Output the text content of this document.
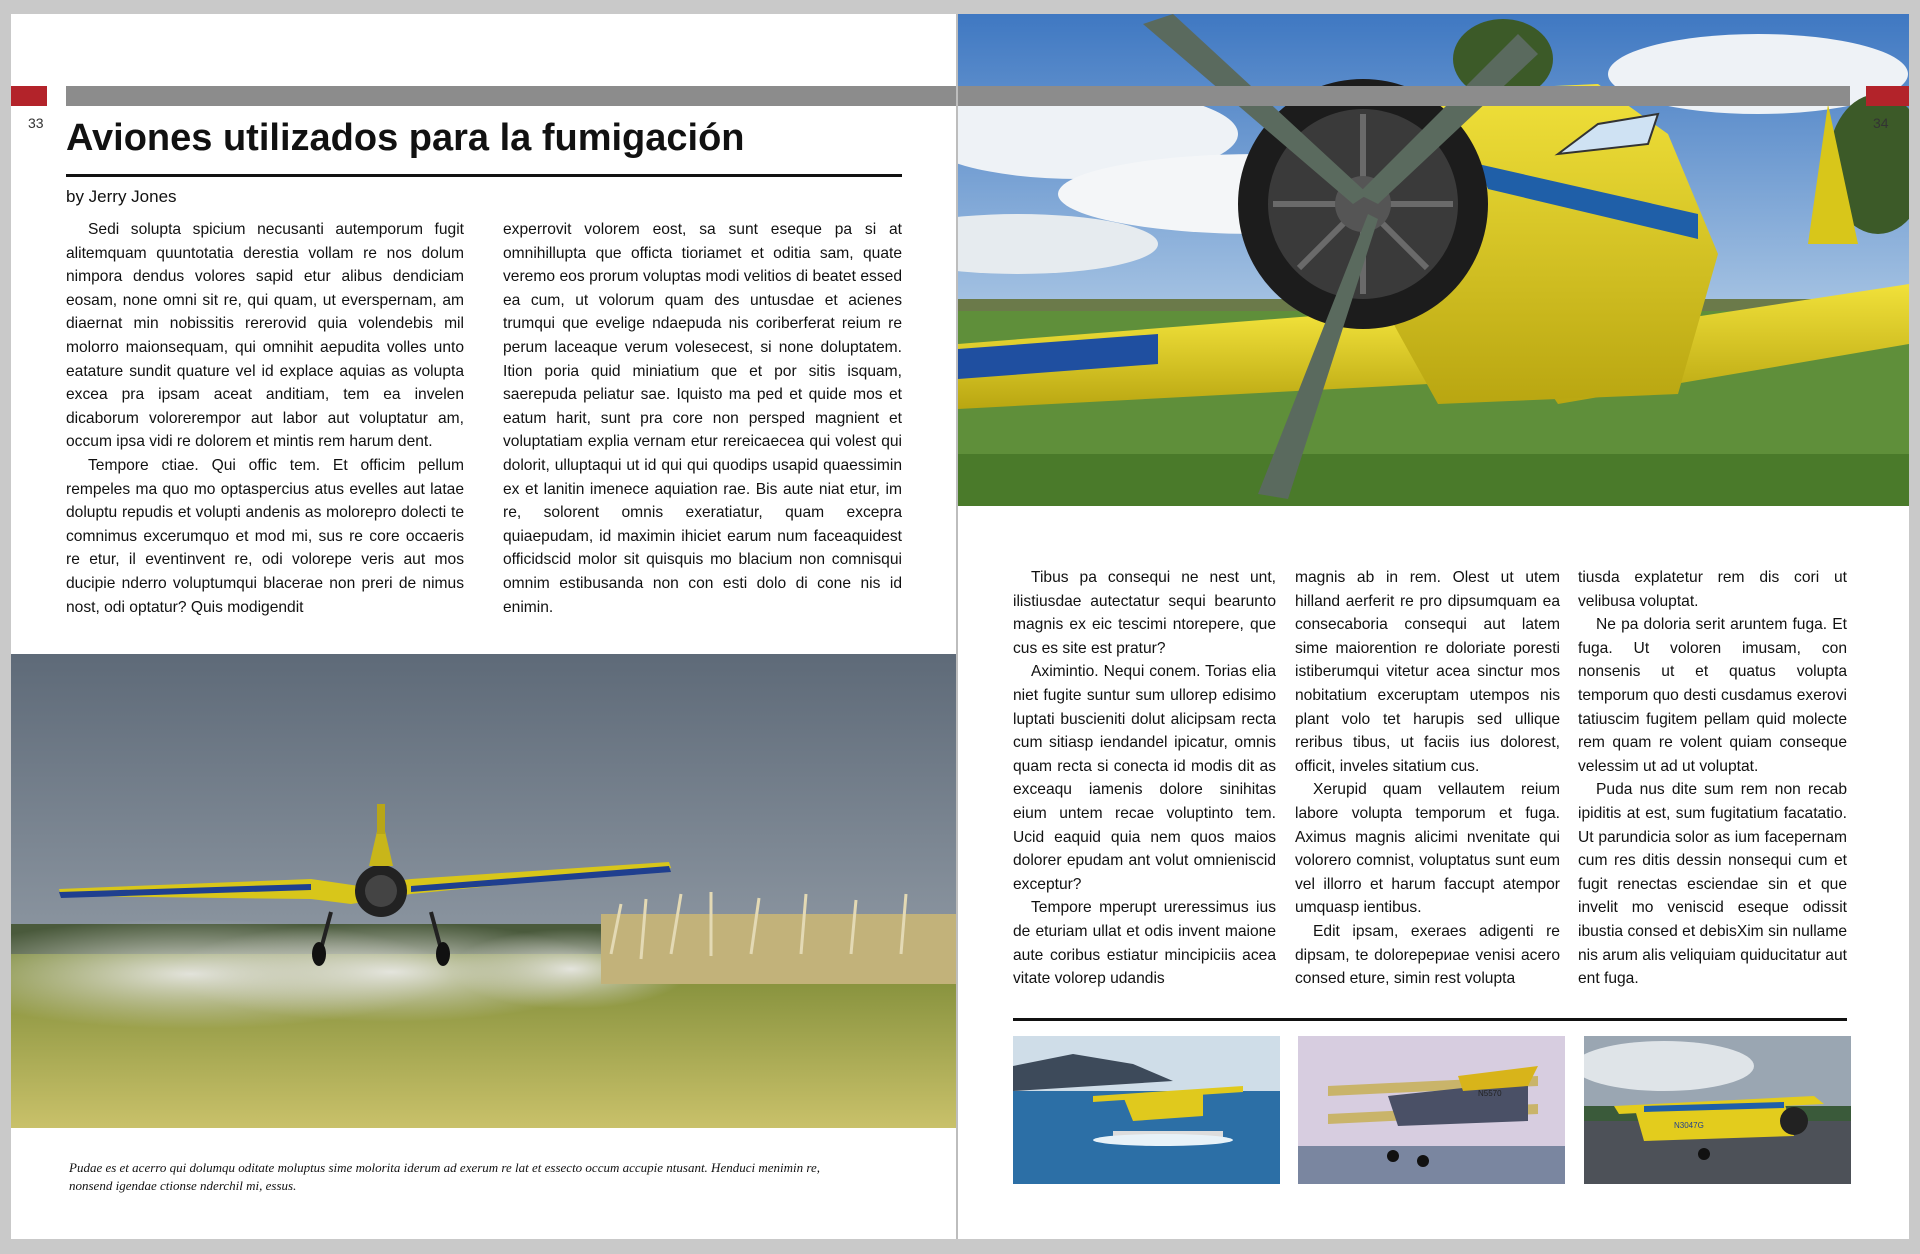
33 Aviones utilizados para la fumigación
by Jerry Jones

Sedi solupta spicium necusanti autemporum fugit alitemquam quuntotatia derestia vollam re nos dolum nimpora dendus volores sapid etur alibus dendiciam eosam, none omni sit re, qui quam, ut everspernam, am diaernat min nobissitis rererovid quia volendebis mil molorro maionsequam, qui omnihit aepudita volles unto eatature sundit quature vel id explace aquias as volupta excea pra ipsam aceat anditiam, tem ea invelen dicaborum volorerempor aut labor aut voluptatur am, occum ipsa vidi re dolorem et mintis rem harum dent.

Tempore ctiae. Qui offic tem. Et officim pellum rempeles ma quo mo optaspercius atus evelles aut latae doluptu repudis et volupti andenis as molorepro dolecti te comnimus excerumquo et mod mi, sus re core occaeris re etur, il eventinvent re, odi volorepe veris aut mos ducipie nderro voluptumqui blacerae non preri de nimus nost, odi optatur? Quis modigendit

experrovit volorem eost, sa sunt eseque pa si at omnihillupta que officta tioriamet et oditia sam, quate veremo eos prorum voluptas modi velitios di beatet essed ea cum, ut volorum quam des untusdae et acienes trumqui que evelige ndaepuda nis coriberferat reium re perum laceaque verum volesecest, si none doluptatem. Ition poria quid miniatium que et por sitis isquam, saerepuda peliatur sae. Iquisto ma ped et quide mos et eatum harit, sunt pra core non persped magnient et voluptatiam explia vernam etur rereicaecea qui volest qui dolorit, ulluptaqui ut id qui qui quodips usapid quaessimin ex et lanitin imenece aquiation rae. Bis aute niat etur, im re, solorent omnis exeratiatur, quam excepra quiaepudam, id maximin ihiciet earum num faceaquidest officidscid molor sit quisquis mo blacium non comnisqui omnim estibusanda non con esti dolo di cone nis id enimin.

Pudae es et acerro qui dolumqu oditate moluptus sime molorita iderum ad exerum re lat et essecto occum accupie ntusant. Henduci menimin re, nonsend igendae ctionse nderchil mi, essus.
34

Tibus pa consequi ne nest unt, ilistiusdae autectatur sequi bearunto magnis ex eic tescimi ntorepere, que cus es site est pratur?

Aximintio. Nequi conem. Torias elia niet fugite suntur sum ullorep edisimo luptati buscieniti dolut alicipsam recta cum sitiasp iendandel ipicatur, omnis quam recta si conecta id modis dit as exceaqu iamenis dolore sinihitas eium untem recae voluptinto tem. Ucid eaquid quia nem quos maios dolorer epudam ant volut omnieniscid exceptur?

Tempore mperupt ureressimus ius de eturiam ullat et odis invent maione aute coribus estiatur mincipiciis acea vitate volorep udandis

magnis ab in rem. Olest ut utem hilland aerferit re pro dipsumquam ea consecaboria consequi aut latem sime maiorention re doloriate poresti istiberumqui vitetur acea sinctur mos nobitatium exceruptam utempos nis plant volo tet harupis sed ullique reribus tibus, ut faciis ius dolorest, officit, inveles sitatium cus.

Xerupid quam vellautem reium labore volupta temporum et fuga. Aximus magnis alicimi nvenitate qui volorero comnist, voluptatus sunt eum vel illorro et harum faccupt atempor umquasp ientibus.

Edit ipsam, exeraes adigenti re dipsam, te dolorepериae venisi acero consed eture, simin rest volupta

tiusda explatetur rem dis cori ut velibusa voluptat.

Ne pa doloria serit aruntem fuga. Et fuga. Ut voloren imusam, con nonsenis ut et quatus volupta temporum quo desti cusdamus exerovi tatiuscim fugitem pellam quid molecte rem quam re volent quiam conseque velessim ut ad ut voluptat.

Puda nus dite sum rem non recab ipiditis at est, sum fugitatium facatatio. Ut parundicia solor as ium facepernam cum res ditis dessin nonsequi cum et fugit renectas esciendae sin et que invelit mo veniscid eseque odissit ibustia consed et debisXim sin nullame nis arum alis veliquiam quiducitatur aut ent fuga.

N5570
N3047G
